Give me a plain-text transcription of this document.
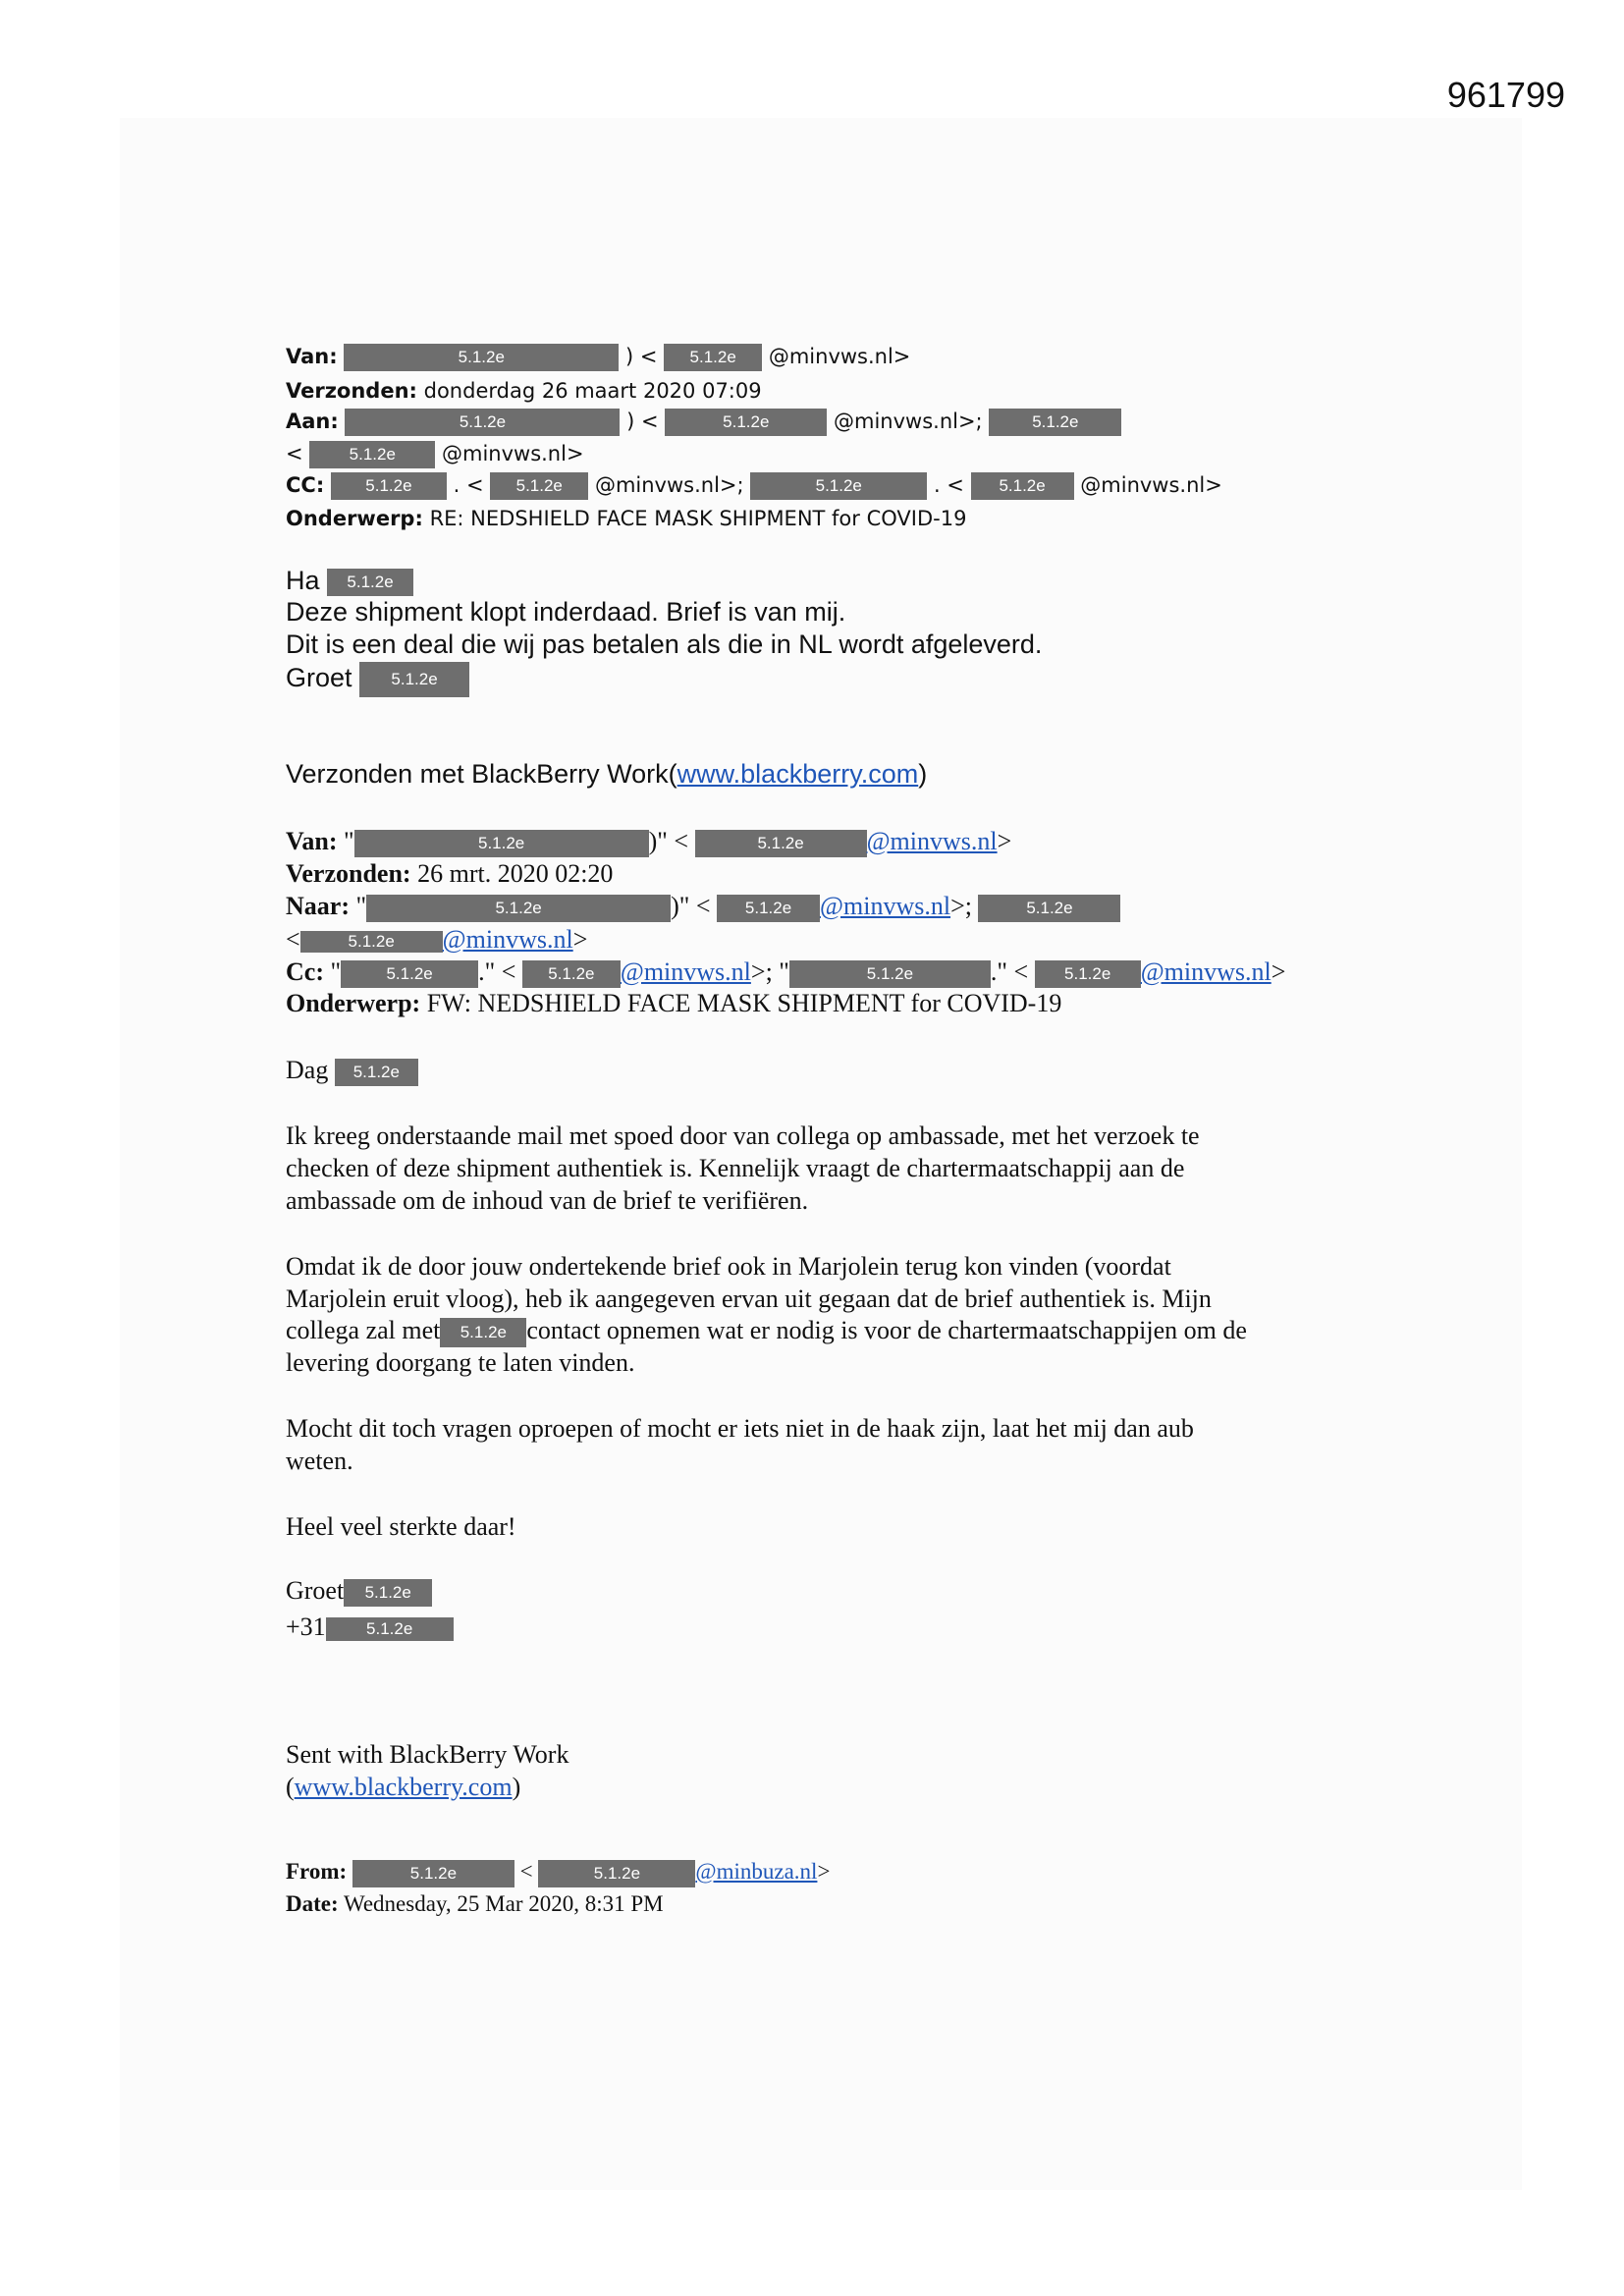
961799
Van:	5.1.2e	) < 5.1.2e @minvws.nl>
Verzonden: donderdag 26 maart 2020 07:09
Aan:	5.1.2e	) <	5.1.2e	@minvws.nl>;	5.1.2e
<	5.1.2e @minvws.nl>
CC: 5.1.2e . < 5.1.2e @minvws.nl>;	5.1.2e	. < 5.1.2e @minvws.nl>
Onderwerp: RE: NEDSHIELD FACE MASK SHIPMENT for COVID-19
Ha 5.1.2e
Deze shipment klopt inderdaad. Brief is van mij.
Dit is een deal die wij pas betalen als die in NL wordt afgeleverd.
Groet 5.1.2e
Verzonden met BlackBerry Work(www.blackberry.com)
Van: "	5.1.2e	)" <	5.1.2e @minvws.nl>
Verzonden: 26 mrt. 2020 02:20
Naar: "	5.1.2e	)" < 5.1.2e @minvws.nl>;	5.1.2e
<	5.1.2e @minvws.nl>
Cc: "	5.1.2e ." < 5.1.2e @minvws.nl>; "	5.1.2e	." < 5.1.2e @minvws.nl>
Onderwerp: FW: NEDSHIELD FACE MASK SHIPMENT for COVID-19
Dag 5.1.2e
Ik kreeg onderstaande mail met spoed door van collega op ambassade, met het verzoek te
checken of deze shipment authentiek is. Kennelijk vraagt de chartermaatschappij aan de
ambassade om de inhoud van de brief te verifiëren.
Omdat ik de door jouw ondertekende brief ook in Marjolein terug kon vinden (voordat
Marjolein eruit vloog), heb ik aangegeven ervan uit gegaan dat de brief authentiek is. Mijn
collega zal met 5.1.2e contact opnemen wat er nodig is voor de chartermaatschappijen om de
levering doorgang te laten vinden.
Mocht dit toch vragen oproepen of mocht er iets niet in de haak zijn, laat het mij dan aub
weten.
Heel veel sterkte daar!
Groet 5.1.2e
+31 5.1.2e
Sent with BlackBerry Work
(www.blackberry.com)
From:	5.1.2e	<	5.1.2e @minbuza.nl>
Date: Wednesday, 25 Mar 2020, 8:31 PM
